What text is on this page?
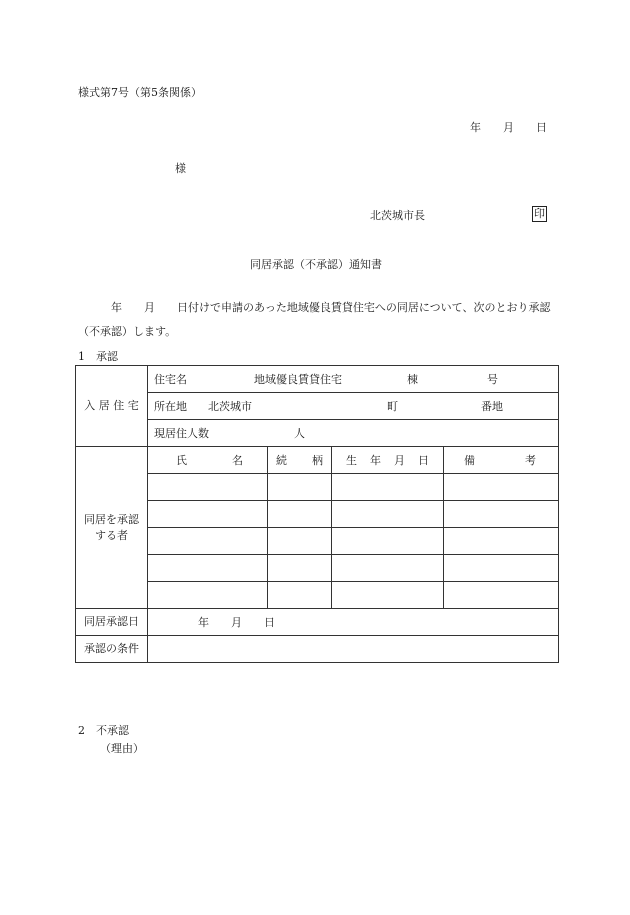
様式第7号（第5条関係）
年　　月　　日
様
北茨城市長	印
同居承認（不承認）通知書
　　　年　　月　　日付けで申請のあった地域優良賃貸住宅への同居について、次のとおり承認（不承認）します。
1　承認
入 居 住 宅	住宅名 地域優良賃貸住宅 棟 号			
	所在地 北茨城市 町 番地			
	現居住人数 人			
同居を承認する者	氏 名	続 柄	生 年 月 日	備 考

同居承認日	年　　月　　日			
承認の条件				
2　不承認
（理由）
